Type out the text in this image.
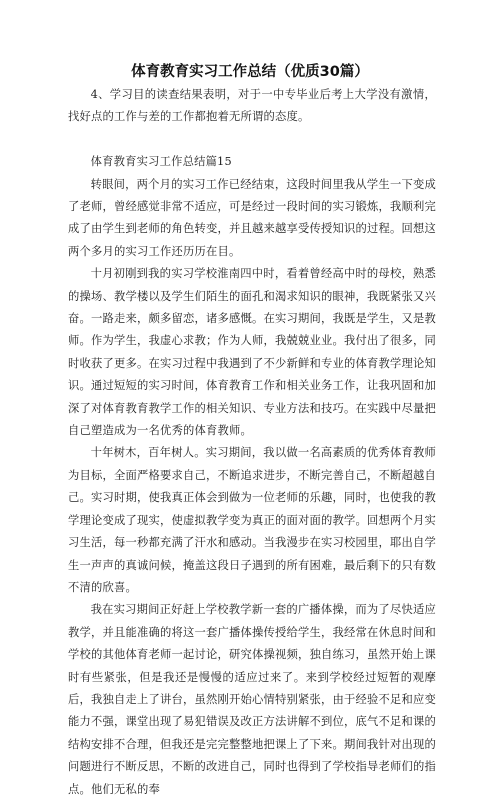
体育教育实习工作总结（优质30篇）

4、学习目的读查结果表明，对于一中专毕业后考上大学没有激情，找好点的工作与差的工作都抱着无所谓的态度。

体育教育实习工作总结篇15

转眼间，两个月的实习工作已经结束，这段时间里我从学生一下变成了老师，曾经感觉非常不适应，可是经过一段时间的实习锻炼，我顺利完成了由学生到老师的角色转变，并且越来越享受传授知识的过程。回想这两个多月的实习工作还历历在目。

十月初刚到我的实习学校淮南四中时，看着曾经高中时的母校，熟悉的操场、教学楼以及学生们陌生的面孔和渴求知识的眼神，我既紧张又兴奋。一路走来，颇多留恋，诸多感慨。在实习期间，我既是学生，又是教师。作为学生，我虚心求教；作为人师，我兢兢业业。我付出了很多，同时收获了更多。在实习过程中我遇到了不少新鲜和专业的体育教学理论知识。通过短短的实习时间，体育教育工作和相关业务工作，让我巩固和加深了对体育教育教学工作的相关知识、专业方法和技巧。在实践中尽量把自己塑造成为一名优秀的体育教师。

十年树木，百年树人。实习期间，我以做一名高素质的优秀体育教师为目标，全面严格要求自己，不断追求进步，不断完善自己，不断超越自己。实习时期，使我真正体会到做为一位老师的乐趣，同时，也使我的教学理论变成了现实，使虚拟教学变为真正的面对面的教学。回想两个月实习生活，每一秒都充满了汗水和感动。当我漫步在实习校园里，耶出自学生一声声的真诚问候，掩盖这段日子遇到的所有困难，最后剩下的只有数不清的欣喜。

我在实习期间正好赶上学校教学新一套的广播体操，而为了尽快适应教学，并且能准确的将这一套广播体操传授给学生，我经常在休息时间和学校的其他体育老师一起讨论，研究体操视频，独自练习，虽然开始上课时有些紧张，但是我还是慢慢的适应过来了。来到学校经过短暂的观摩后，我独自走上了讲台，虽然刚开始心情特别紧张，由于经验不足和应变能力不强，课堂出现了易犯错误及改正方法讲解不到位，底气不足和课的结构安排不合理，但我还是完完整整地把课上了下来。期间我针对出现的问题进行不断反思，不断的改进自己，同时也得到了学校指导老师们的指点。他们无私的奉
